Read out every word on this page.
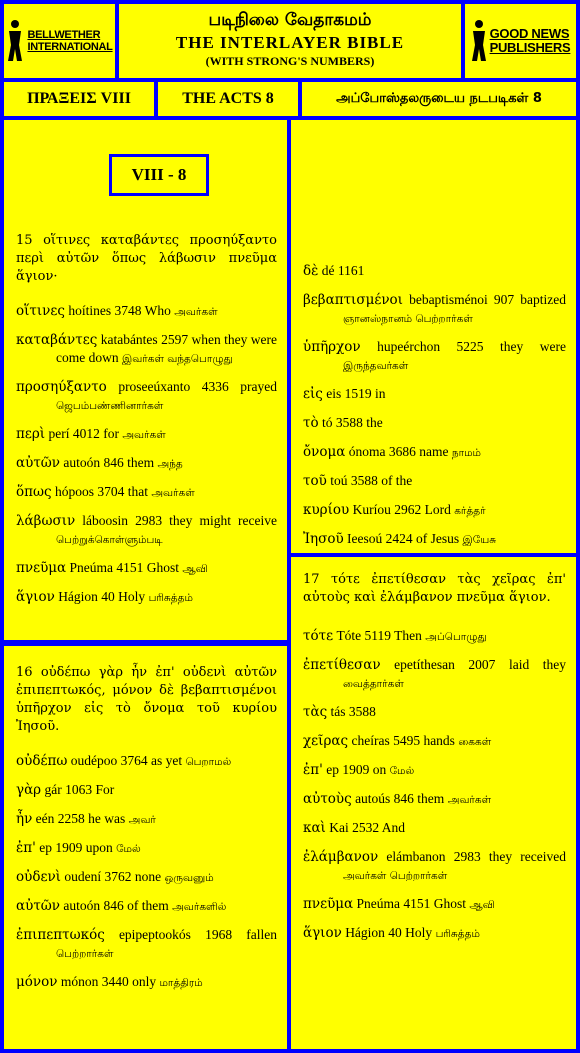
BELLWETHER
INTERNATIONAL
படிநிலை வேதாகமம்
THE INTERLAYER BIBLE
(WITH STRONG'S NUMBERS)
GOOD NEWS
PUBLISHERS
ΠΡΑΞΕΙΣ VIII	THE ACTS 8	அப்போஸ்தலருடைய நடபடிகள் 8
VIII - 8
15 οἵτινες καταβάντες προσηύξαντο περὶ αὐτῶν ὅπως λάβωσιν πνεῦμα ἅγιον·
οἵτινες hoítines 3748 Who அவர்கள்
καταβάντες katabántes 2597 when they were come down இவர்கள் வந்தபொழுது
προσηύξαντο proseeúxanto 4336 prayed ஜெபம்பண்ணினார்கள்
περὶ perí 4012 for அவர்கள்
αὐτῶν autoón 846 them அந்த
ὅπως hópoos 3704 that அவர்கள்
λάβωσιν láboosin 2983 they might receive பெற்றுக்கொள்ளும்படி
πνεῦμα Pneúma 4151 Ghost ஆவி
ἅγιον Hágion 40 Holy பரிசுத்தம்
16 οὐδέπω γὰρ ἦν ἐπ' οὐδενὶ αὐτῶν ἐπιπεπτωκός, μόνον δὲ βεβαπτισμένοι ὑπῆρχον εἰς τὸ ὄνομα τοῦ κυρίου Ἰησοῦ.
οὐδέπω oudépoo 3764 as yet பெறாமல்
γὰρ gár 1063 For
ἦν eén 2258 he was அவர்
ἐπ' ep 1909 upon மேல்
οὐδενὶ oudení 3762 none ஒருவனும்
αὐτῶν autoón 846 of them அவர்களில்
ἐπιπεπτωκός epipeptookós 1968 fallen பெற்றார்கள்
μόνον mónon 3440 only மாத்திரம்
δὲ dé 1161
βεβαπτισμένοι bebaptisménoi 907 baptized ஞானஸ்நானம் பெற்றார்கள்
ὑπῆρχον hupeérchon 5225 they were இருந்தவர்கள்
εἰς eis 1519 in
τὸ tó 3588 the
ὄνομα ónoma 3686 name நாமம்
τοῦ toú 3588 of the
κυρίου Kuríou 2962 Lord கர்த்தர்
Ἰησοῦ Ieesoú 2424 of Jesus இயேசு
17 τότε ἐπετίθεσαν τὰς χεῖρας ἐπ' αὐτοὺς καὶ ἐλάμβανον πνεῦμα ἅγιον.
τότε Tóte 5119 Then அப்பொழுது
ἐπετίθεσαν epetíthesan 2007 laid they வைத்தார்கள்
τὰς tás 3588
χεῖρας cheíras 5495 hands கைகள்
ἐπ' ep 1909 on மேல்
αὐτοὺς autoús 846 them அவர்கள்
καὶ Kai 2532 And
ἐλάμβανον elámbanon 2983 they received அவர்கள் பெற்றார்கள்
πνεῦμα Pneúma 4151 Ghost ஆவி
ἅγιον Hágion 40 Holy பரிசுத்தம்
